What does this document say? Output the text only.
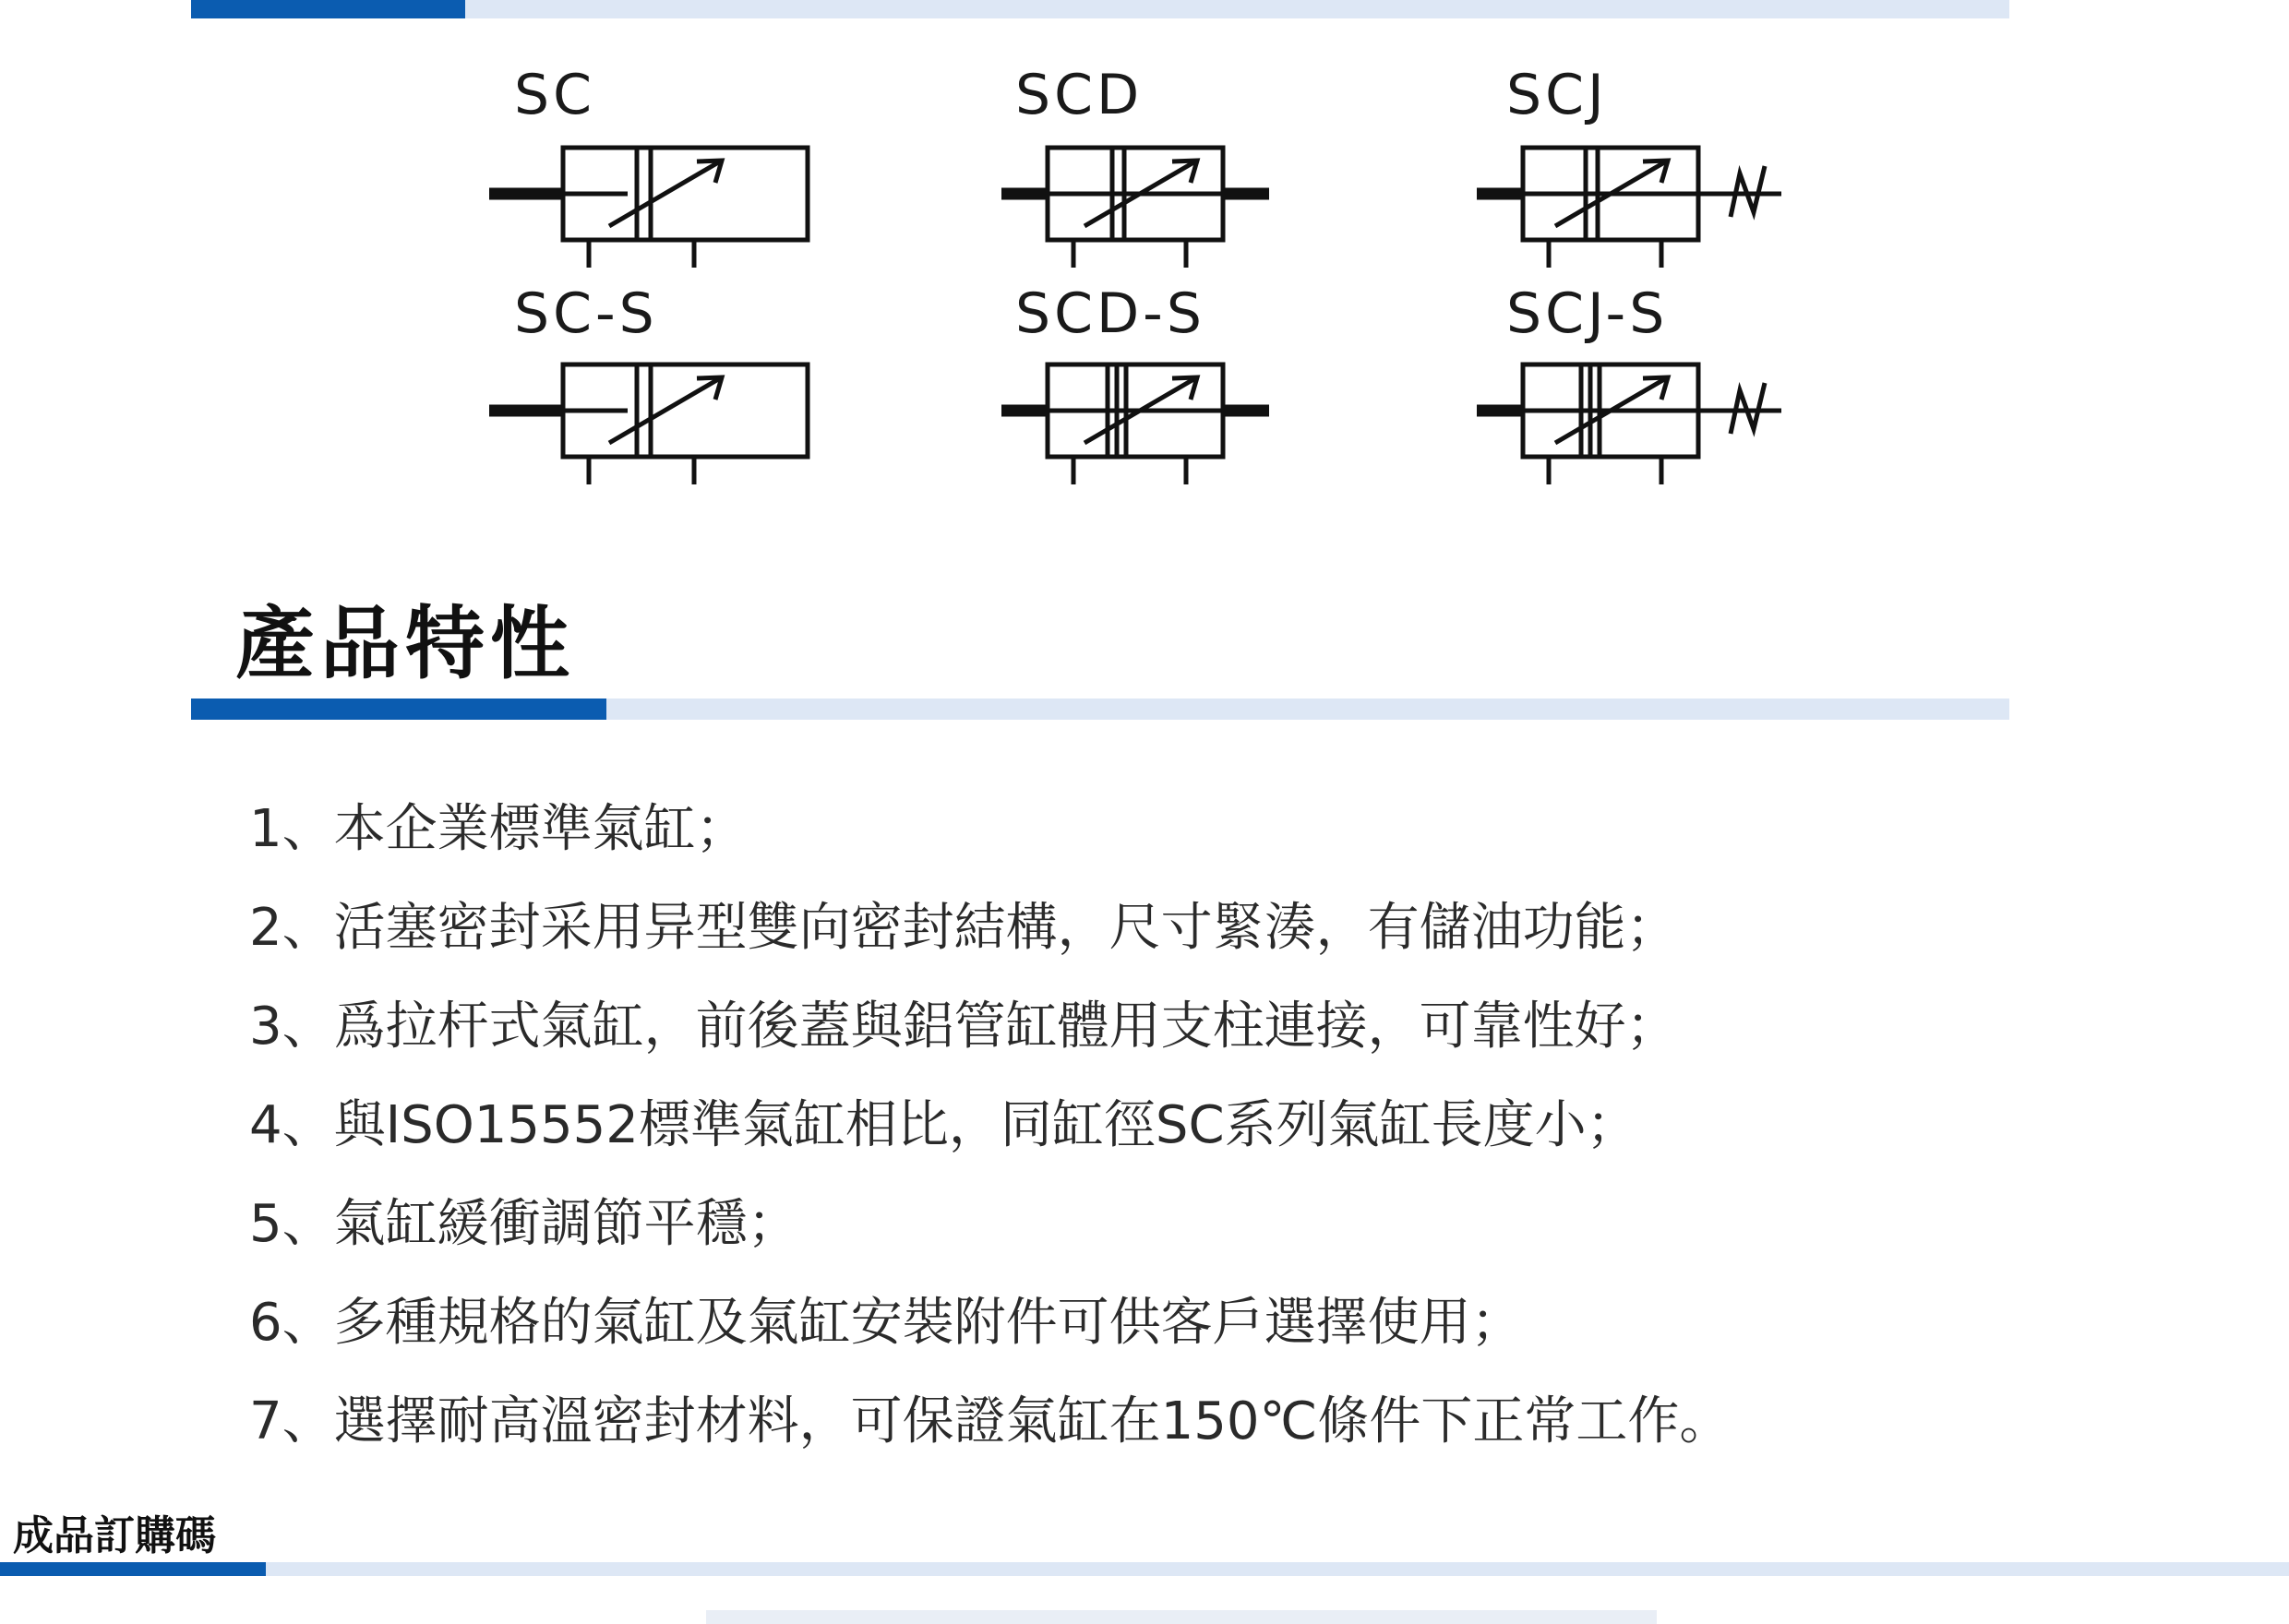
SC	SCD	SCJ
SC-S	SCD-S	SCJ-S
產品特性
1、本企業標準氣缸；
2、活塞密封采用异型雙向密封結構，尺寸緊湊，有儲油功能；
3、爲拉杆式氣缸，前後蓋與鋁管缸體用支柱連接，可靠性好；
4、與ISO15552標準氣缸相比，同缸徑SC系列氣缸長度小；
5、氣缸緩衝調節平穩；
6、多種規格的氣缸及氣缸安裝附件可供客戶選擇使用；
7、選擇耐高溫密封材料，可保證氣缸在150℃條件下正常工作。
成品訂購碼
